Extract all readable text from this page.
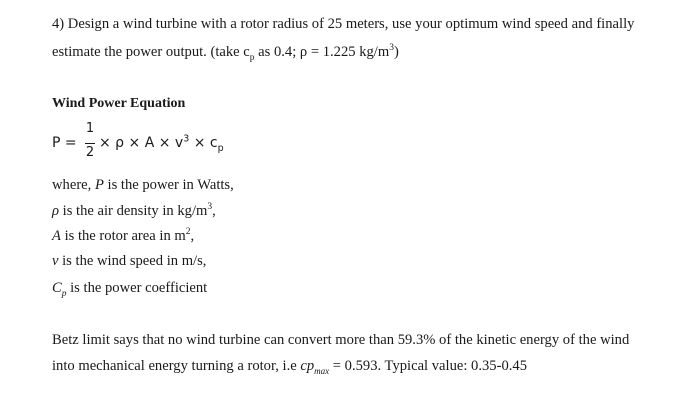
4) Design a wind turbine with a rotor radius of 25 meters, use your optimum wind speed and finally
estimate the power output. (take $c_p$ as 0.4; ρ = 1.225 $kg/m^3$)
Wind Power Equation
P =
1
2
× $\rho \times A \times v^3 \times c_p$
where, P is the power in Watts,
ρ is the air density in $kg/m^3$,
A is the rotor area in $m^2$,
v is the wind speed in m/s,
$C_p$ is the power coefficient
Betz limit says that no wind turbine can convert more than 59.3% of the kinetic energy of the wind
into mechanical energy turning a rotor, i.e $cp_{max} = 0.593$. Typical value: 0.35-0.45
